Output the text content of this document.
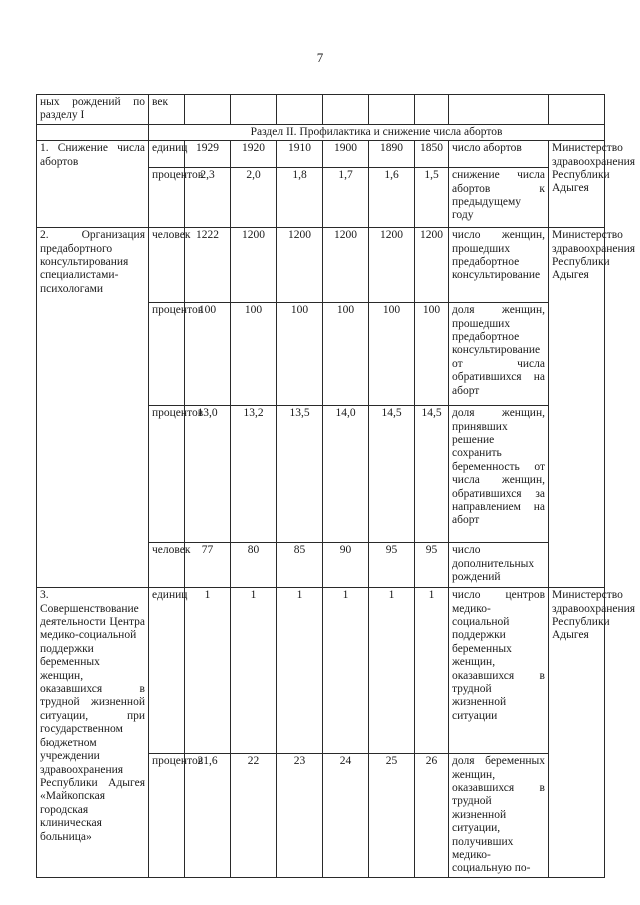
7
ных рождений по разделу I	век								
	Раздел II. Профилактика и снижение числа абортов								
1. Снижение числа абортов	единиц	1929	1920	1910	1900	1890	1850	число абортов	Министерство здравоохранения Республики Адыгея
	процентов	2,3	2,0	1,8	1,7	1,6	1,5	снижение числа абортов к предыдущему году	
2. Организация предабортного консультирования специалистами-психологами	человек	1222	1200	1200	1200	1200	1200	число женщин, прошедших предабортное консультирование	Министерство здравоохранения Республики Адыгея
	процентов	100	100	100	100	100	100	доля женщин, прошедших предабортное консультирование от числа обратившихся на аборт	
	процентов	13,0	13,2	13,5	14,0	14,5	14,5	доля женщин, принявших решение сохранить беременность от числа женщин, обратившихся за направлением на аборт	
	человек	77	80	85	90	95	95	число дополнительных рождений	
3. Совершенствование деятельности Центра медико-социальной поддержки беременных женщин, оказавшихся в трудной жизненной ситуации, при государственном бюджетном учреждении здравоохранения Республики Адыгея «Майкопская городская клиническая больница»	единиц	1	1	1	1	1	1	число центров медико-социальной поддержки беременных женщин, оказавшихся в трудной жизненной ситуации	Министерство здравоохранения Республики Адыгея
	процентов	21,6	22	23	24	25	26	доля беременных женщин, оказавшихся в трудной жизненной ситуации, получивших медико-социальную по-	
